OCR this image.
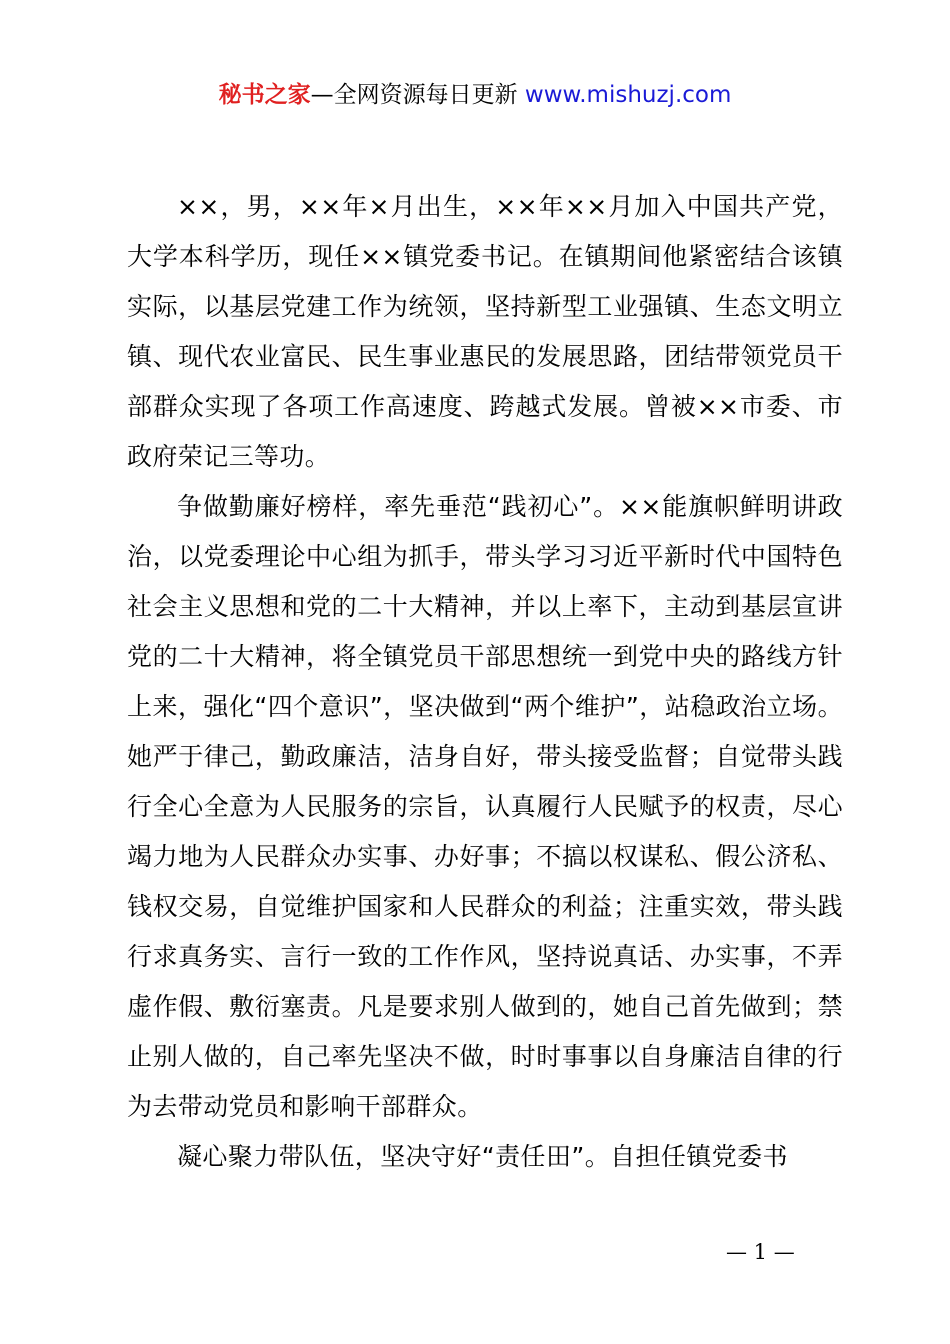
秘书之家—全网资源每日更新 www.mishuzj.com

××，男，××年×月出生，××年××月加入中国共产党，大学本科学历，现任××镇党委书记。在镇期间他紧密结合该镇实际，以基层党建工作为统领，坚持新型工业强镇、生态文明立镇、现代农业富民、民生事业惠民的发展思路，团结带领党员干部群众实现了各项工作高速度、跨越式发展。曾被××市委、市政府荣记三等功。

争做勤廉好榜样，率先垂范“践初心”。××能旗帜鲜明讲政治，以党委理论中心组为抓手，带头学习习近平新时代中国特色社会主义思想和党的二十大精神，并以上率下，主动到基层宣讲党的二十大精神，将全镇党员干部思想统一到党中央的路线方针上来，强化“四个意识”，坚决做到“两个维护”，站稳政治立场。她严于律己，勤政廉洁，洁身自好，带头接受监督；自觉带头践行全心全意为人民服务的宗旨，认真履行人民赋予的权责，尽心竭力地为人民群众办实事、办好事；不搞以权谋私、假公济私、钱权交易，自觉维护国家和人民群众的利益；注重实效，带头践行求真务实、言行一致的工作作风，坚持说真话、办实事，不弄虚作假、敷衍塞责。凡是要求别人做到的，她自己首先做到；禁止别人做的，自己率先坚决不做，时时事事以自身廉洁自律的行为去带动党员和影响干部群众。

凝心聚力带队伍，坚决守好“责任田”。自担任镇党委书

— 1 —
